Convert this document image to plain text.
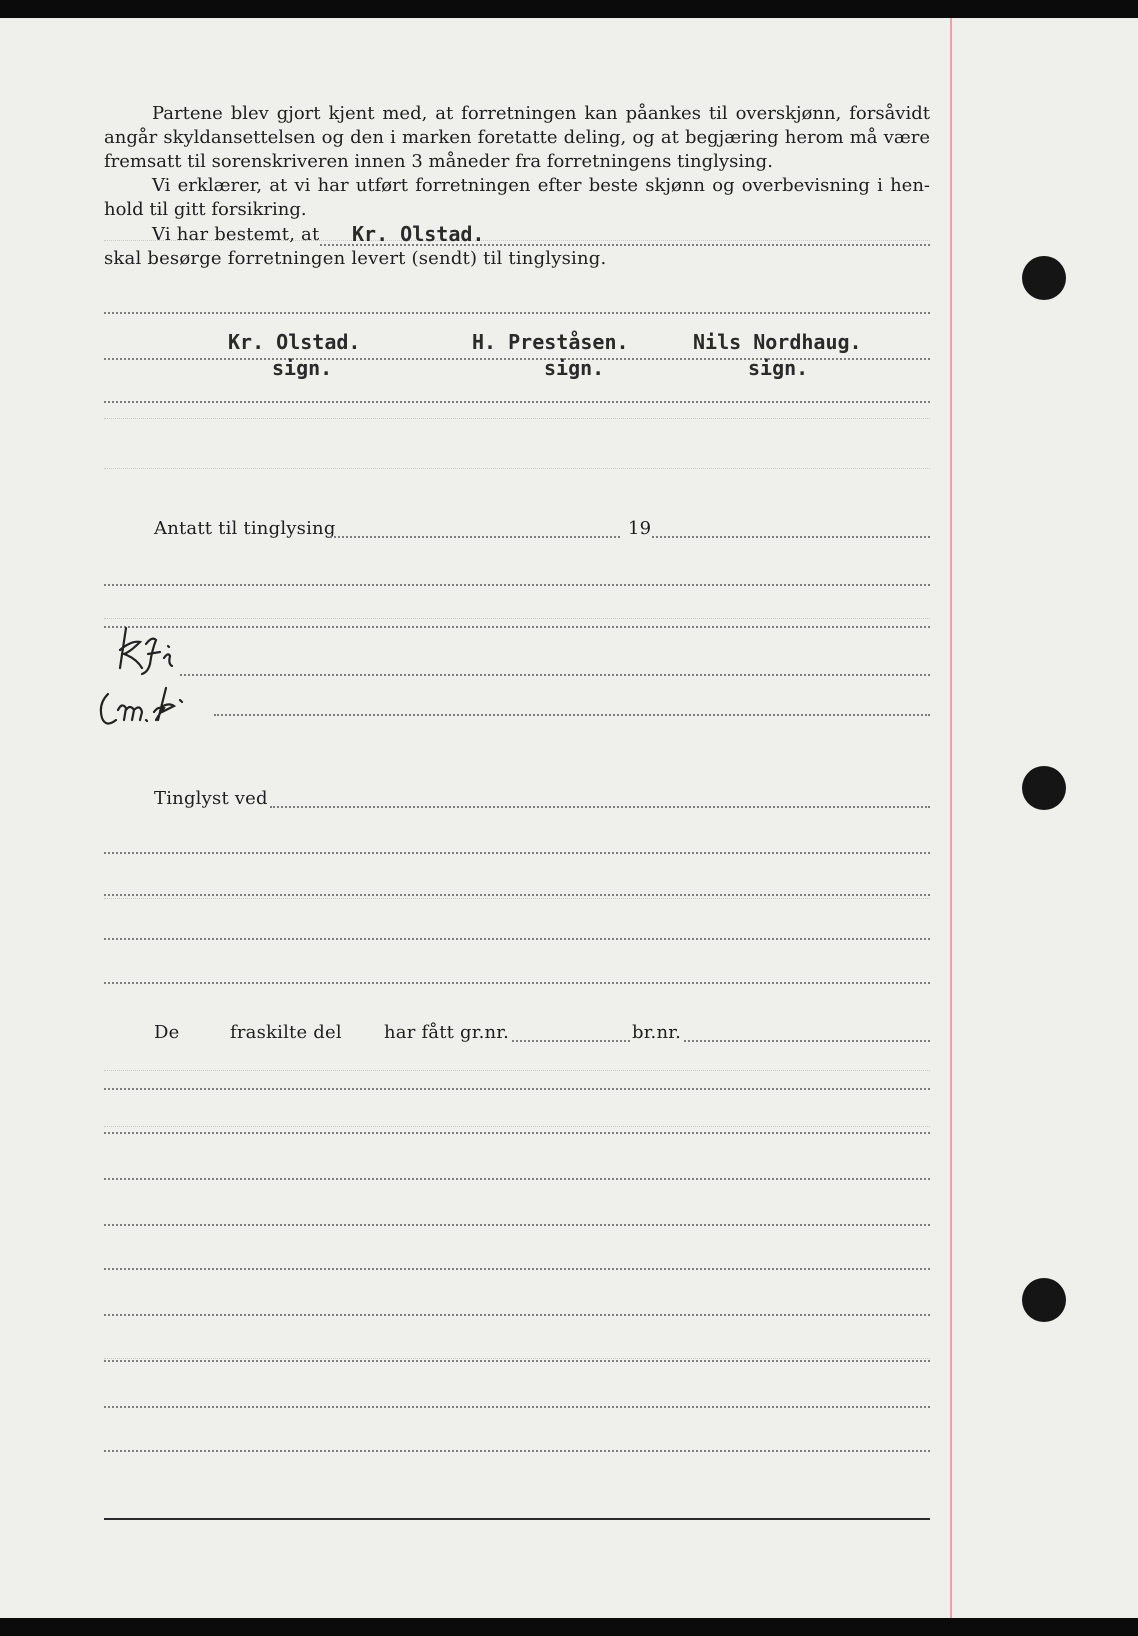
Partene blev gjort kjent med, at forretningen kan påankes til overskjønn, forsåvidt
angår skyldansettelsen og den i marken foretatte deling, og at begjæring herom må være
fremsatt til sorenskriveren innen 3 måneder fra forretningens tinglysing.
Vi erklærer, at vi har utført forretningen efter beste skjønn og overbevisning i hen-
hold til gitt forsikring.
Vi har bestemt, at Kr. Olstad.
skal besørge forretningen levert (sendt) til tinglysing.
Kr. Olstad.	H. Preståsen.	Nils Nordhaug.
sign.	sign.	sign.
Antatt til tinglysing	19
Tinglyst ved
De	fraskilte del har fått gr.nr.	br.nr.
